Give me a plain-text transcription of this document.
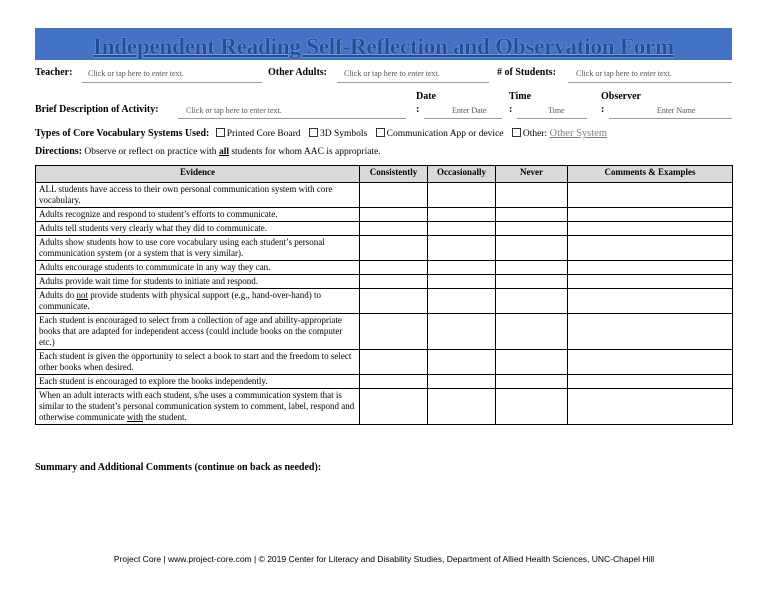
Independent Reading Self-Reflection and Observation Form
Teacher: Click or tap here to enter text.	Other Adults: Click or tap here to enter text.	# of Students:	Click or tap here to enter text.
Brief Description of Activity:	Click or tap here to enter text.
Date
:	Enter Date
Time
:	Time
Observer
:	Enter Name
Types of Core Vocabulary Systems Used: Printed Core Board 3D Symbols Communication App or device Other: Other System
Directions: Observe or reflect on practice with all students for whom AAC is appropriate.
Evidence	Consistently	Occasionally	Never	Comments & Examples
ALL students have access to their own personal communication system with core vocabulary.				
Adults recognize and respond to student’s efforts to communicate.				
Adults tell students very clearly what they did to communicate.				
Adults show students how to use core vocabulary using each student’s personal communication system (or a system that is very similar).				
Adults encourage students to communicate in any way they can.				
Adults provide wait time for students to initiate and respond.				
Adults do not provide students with physical support (e.g., hand-over-hand) to communicate.				
Each student is encouraged to select from a collection of age and ability-appropriate books that are adapted for independent access (could include books on the computer etc.)				
Each student is given the opportunity to select a book to start and the freedom to select other books when desired.				
Each student is encouraged to explore the books independently.				
When an adult interacts with each student, s/he uses a communication system that is similar to the student’s personal communication system to comment, label, respond and otherwise communicate with the student.				
Summary and Additional Comments (continue on back as needed):
Project Core | www.project-core.com | © 2019 Center for Literacy and Disability Studies, Department of Allied Health Sciences, UNC-Chapel Hill
